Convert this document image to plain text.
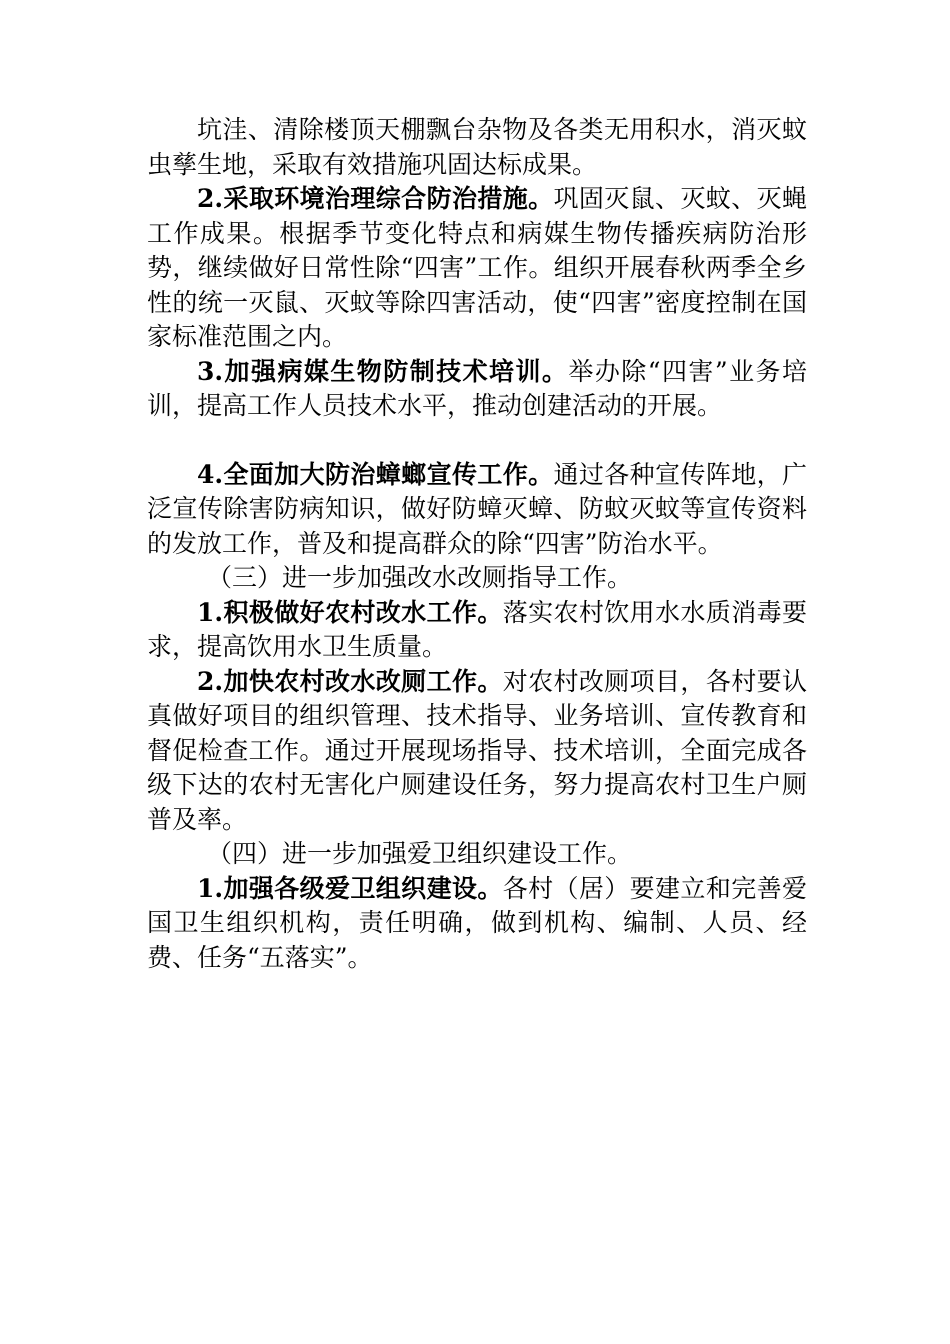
坑洼、清除楼顶天棚飘台杂物及各类无用积水，消灭蚊虫孳生地，采取有效措施巩固达标成果。

2.采取环境治理综合防治措施。巩固灭鼠、灭蚊、灭蝇工作成果。根据季节变化特点和病媒生物传播疾病防治形势，继续做好日常性除“四害”工作。组织开展春秋两季全乡性的统一灭鼠、灭蚊等除四害活动，使“四害”密度控制在国家标准范围之内。

3.加强病媒生物防制技术培训。举办除“四害”业务培训，提高工作人员技术水平，推动创建活动的开展。

4.全面加大防治蟑螂宣传工作。通过各种宣传阵地，广泛宣传除害防病知识，做好防蟑灭蟑、防蚊灭蚊等宣传资料的发放工作，普及和提高群众的除“四害”防治水平。

（三）进一步加强改水改厕指导工作。

1.积极做好农村改水工作。落实农村饮用水水质消毒要求，提高饮用水卫生质量。

2.加快农村改水改厕工作。对农村改厕项目，各村要认真做好项目的组织管理、技术指导、业务培训、宣传教育和督促检查工作。通过开展现场指导、技术培训，全面完成各级下达的农村无害化户厕建设任务，努力提高农村卫生户厕普及率。

（四）进一步加强爱卫组织建设工作。

1.加强各级爱卫组织建设。各村（居）要建立和完善爱国卫生组织机构，责任明确，做到机构、编制、人员、经费、任务“五落实”。
